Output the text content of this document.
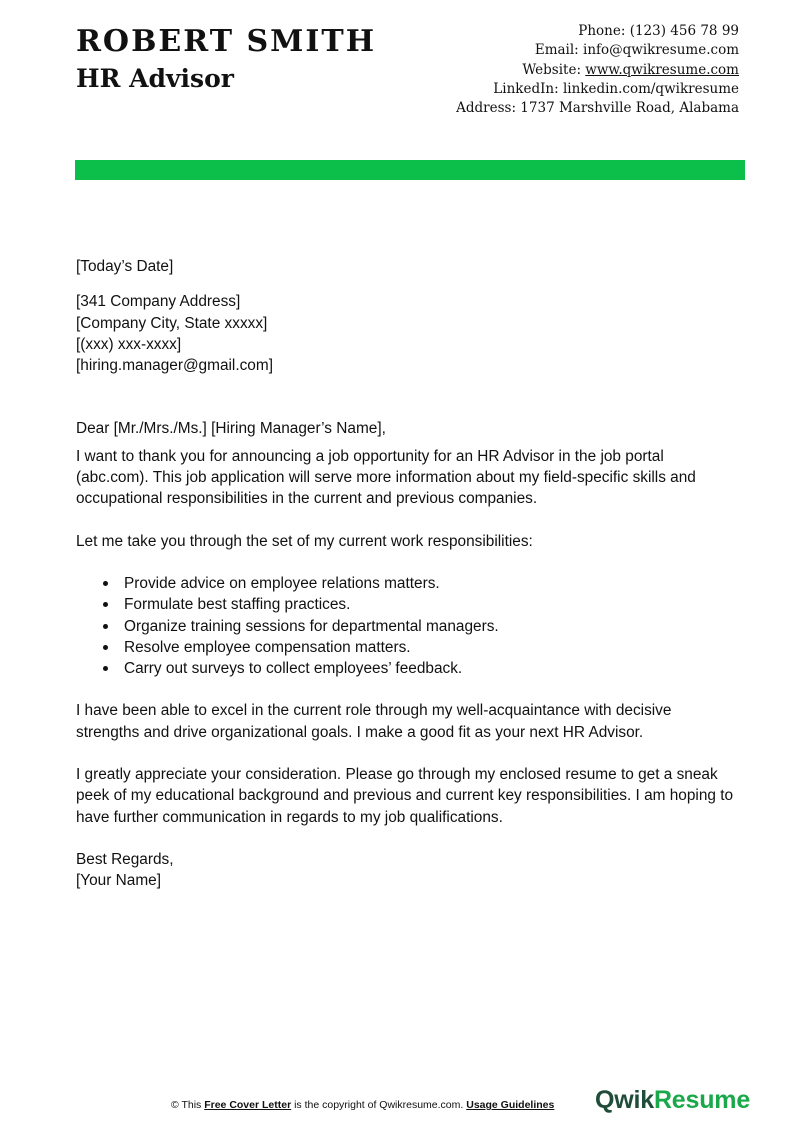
ROBERT SMITH
HR Advisor
Phone: (123) 456 78 99
Email: info@qwikresume.com
Website: www.qwikresume.com
LinkedIn: linkedin.com/qwikresume
Address: 1737 Marshville Road, Alabama

[Today’s Date]

[341 Company Address]

[Company City, State xxxxx]

[(xxx) xxx-xxxx]

[hiring.manager@gmail.com]

Dear [Mr./Mrs./Ms.] [Hiring Manager’s Name],

I want to thank you for announcing a job opportunity for an HR Advisor in the job portal (abc.com). This job application will serve more information about my field-specific skills and occupational responsibilities in the current and previous companies.

Let me take you through the set of my current work responsibilities:

Provide advice on employee relations matters.
Formulate best staffing practices.
Organize training sessions for departmental managers.
Resolve employee compensation matters.
Carry out surveys to collect employees’ feedback.

I have been able to excel in the current role through my well-acquaintance with decisive strengths and drive organizational goals. I make a good fit as your next HR Advisor.

I greatly appreciate your consideration. Please go through my enclosed resume to get a sneak peek of my educational background and previous and current key responsibilities. I am hoping to have further communication in regards to my job qualifications.

Best Regards,

[Your Name]

© This Free Cover Letter is the copyright of Qwikresume.com. Usage Guidelines QwikResume
